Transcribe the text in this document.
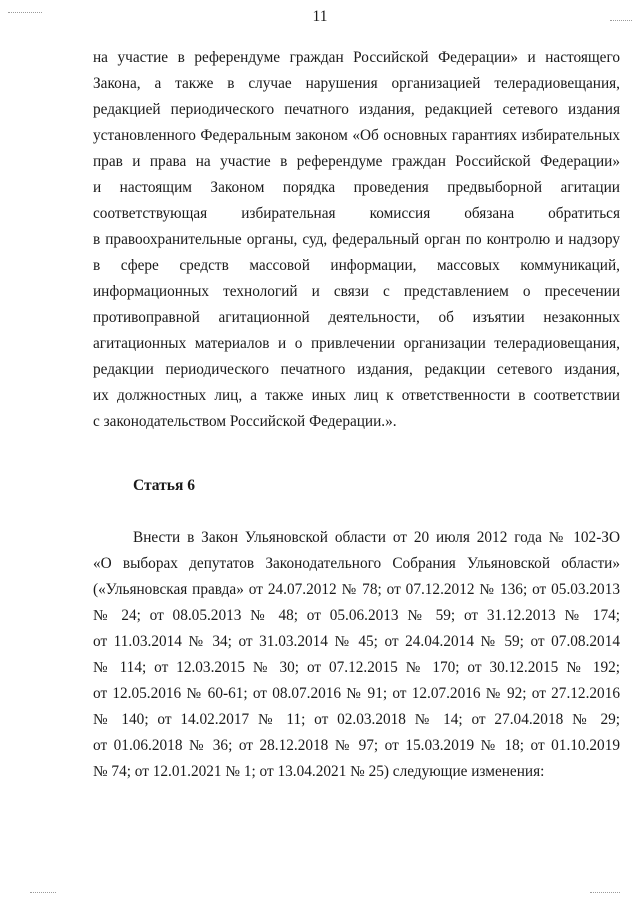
11
на участие в референдуме граждан Российской Федерации» и настоящего
Закона, а также в случае нарушения организацией телерадиовещания,
редакцией периодического печатного издания, редакцией сетевого издания
установленного Федеральным законом «Об основных гарантиях избирательных
прав и права на участие в референдуме граждан Российской Федерации»
и настоящим Законом порядка проведения предвыборной агитации
соответствующая избирательная комиссия обязана обратиться
в правоохранительные органы, суд, федеральный орган по контролю и надзору
в сфере средств массовой информации, массовых коммуникаций,
информационных технологий и связи с представлением о пресечении
противоправной агитационной деятельности, об изъятии незаконных
агитационных материалов и о привлечении организации телерадиовещания,
редакции периодического печатного издания, редакции сетевого издания,
их должностных лиц, а также иных лиц к ответственности в соответствии
с законодательством Российской Федерации.».
Статья 6
Внести в Закон Ульяновской области от 20 июля 2012 года № 102-ЗО
«О выборах депутатов Законодательного Собрания Ульяновской области»
(«Ульяновская правда» от 24.07.2012 № 78; от 07.12.2012 № 136; от 05.03.2013
№ 24; от 08.05.2013 № 48; от 05.06.2013 № 59; от 31.12.2013 № 174;
от 11.03.2014 № 34; от 31.03.2014 № 45; от 24.04.2014 № 59; от 07.08.2014
№ 114; от 12.03.2015 № 30; от 07.12.2015 № 170; от 30.12.2015 № 192;
от 12.05.2016 № 60-61; от 08.07.2016 № 91; от 12.07.2016 № 92; от 27.12.2016
№ 140; от 14.02.2017 № 11; от 02.03.2018 № 14; от 27.04.2018 № 29;
от 01.06.2018 № 36; от 28.12.2018 № 97; от 15.03.2019 № 18; от 01.10.2019
№ 74; от 12.01.2021 № 1; от 13.04.2021 № 25) следующие изменения:
